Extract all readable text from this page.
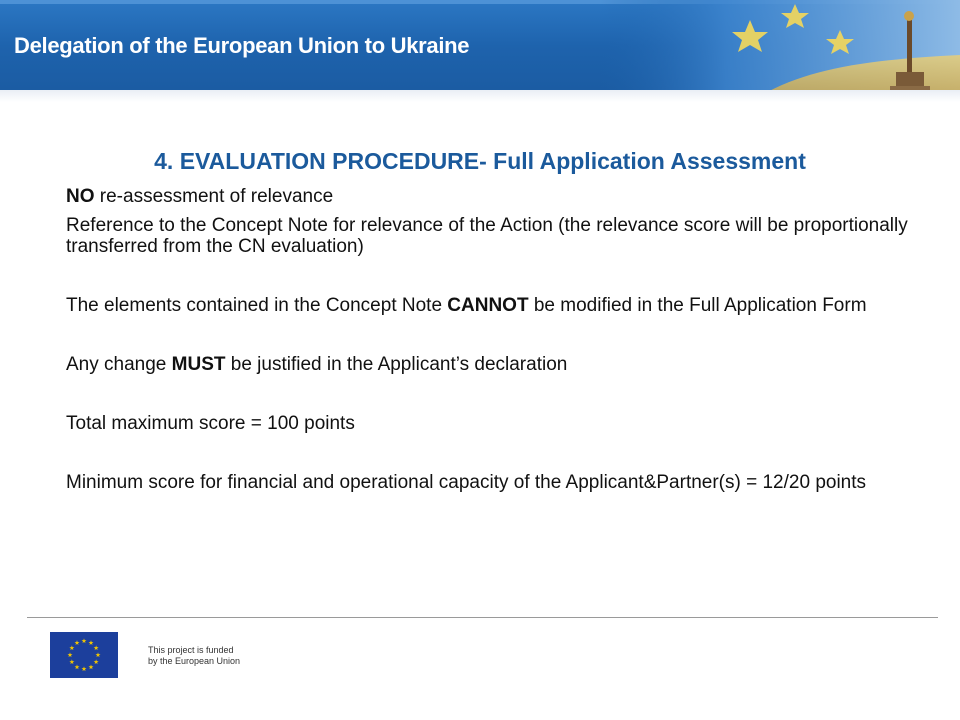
Delegation of the European Union to Ukraine
4. EVALUATION PROCEDURE- Full Application Assessment

NO re-assessment of relevance

Reference to the Concept Note for relevance of the Action (the relevance score will be proportionally transferred from the CN evaluation)

The elements contained in the Concept Note CANNOT be modified in the Full Application Form

Any change MUST be justified in the Applicant’s declaration

Total maximum score = 100 points

Minimum score for financial and operational capacity of the Applicant&Partner(s) = 12/20 points

This project is funded
by the European Union
